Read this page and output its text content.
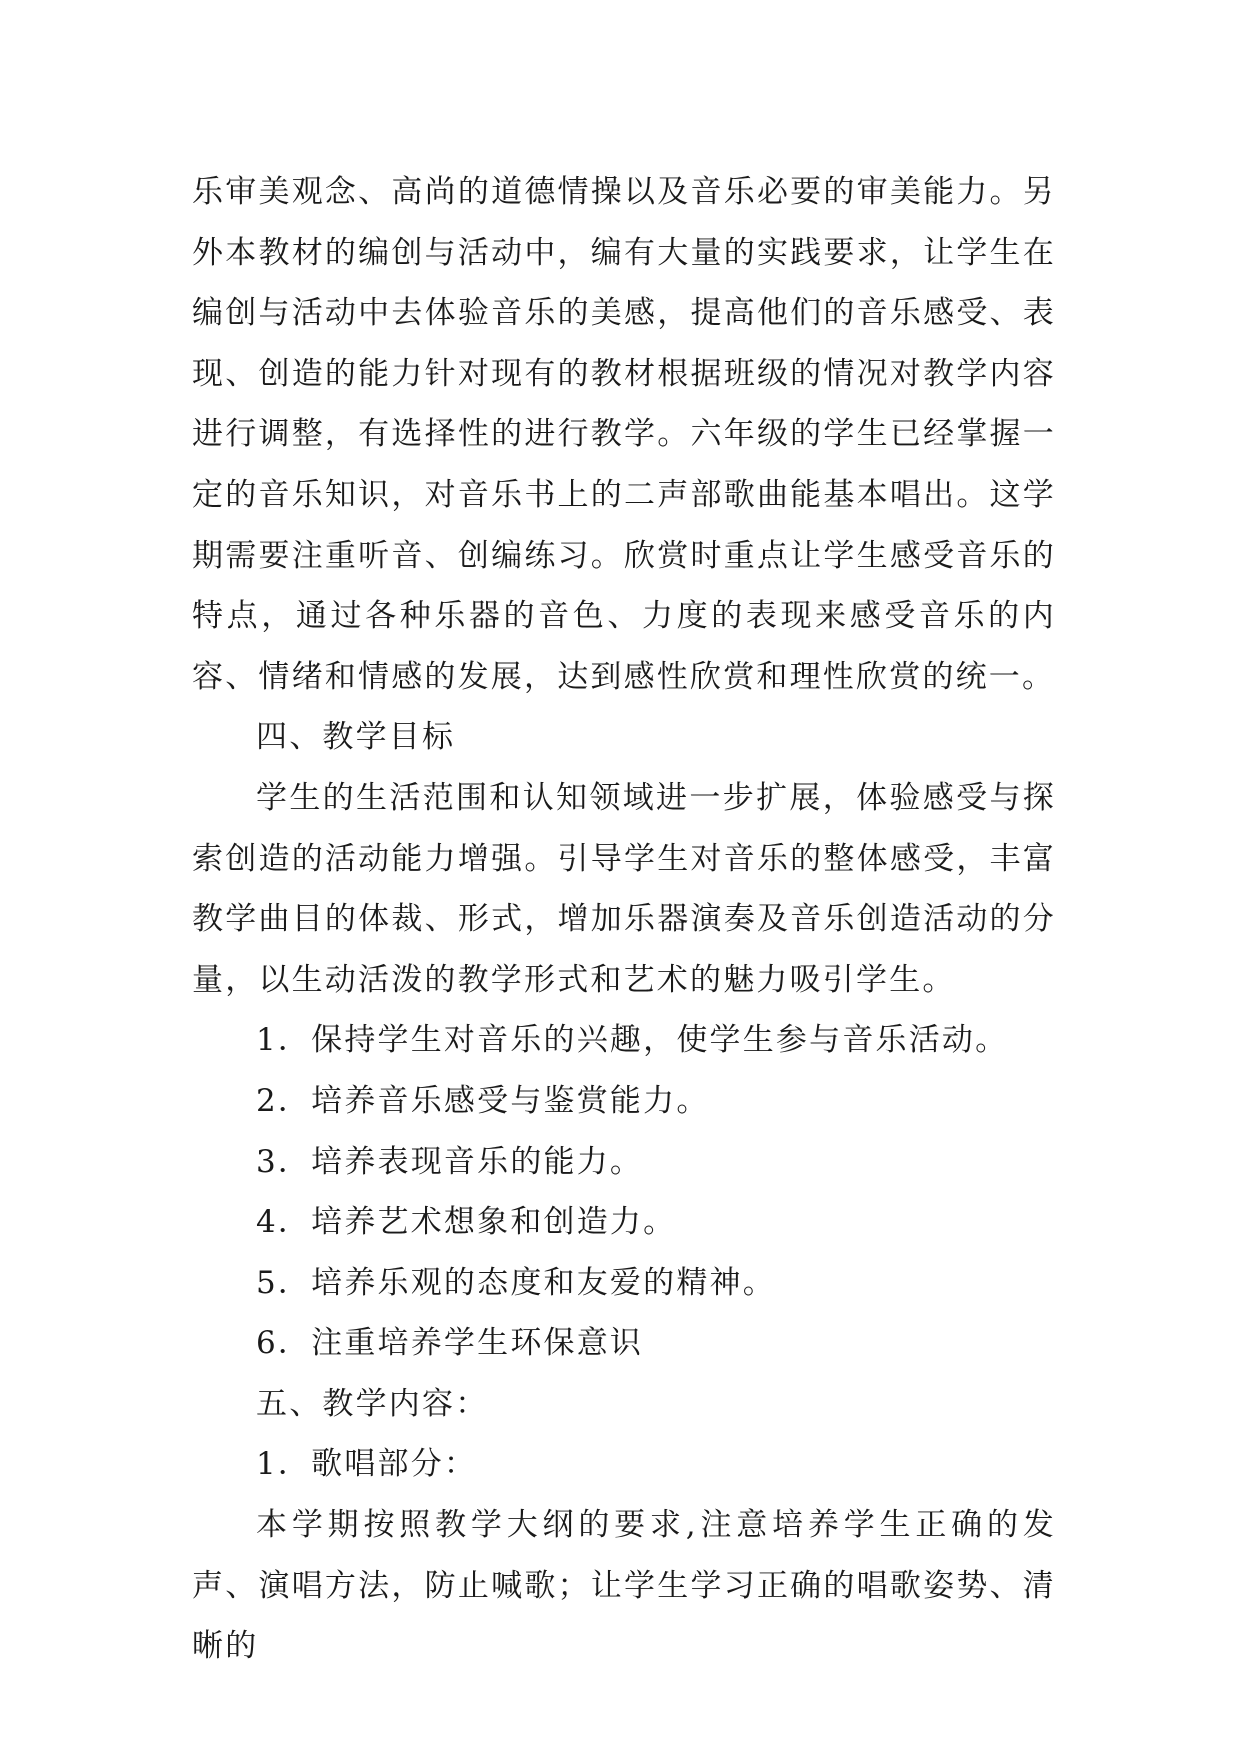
乐审美观念、高尚的道德情操以及音乐必要的审美能力。另外本教材的编创与活动中，编有大量的实践要求，让学生在编创与活动中去体验音乐的美感，提高他们的音乐感受、表现、创造的能力针对现有的教材根据班级的情况对教学内容进行调整，有选择性的进行教学。六年级的学生已经掌握一定的音乐知识，对音乐书上的二声部歌曲能基本唱出。这学期需要注重听音、创编练习。欣赏时重点让学生感受音乐的特点，通过各种乐器的音色、力度的表现来感受音乐的内容、情绪和情感的发展，达到感性欣赏和理性欣赏的统一。

四、教学目标

学生的生活范围和认知领域进一步扩展，体验感受与探索创造的活动能力增强。引导学生对音乐的整体感受，丰富教学曲目的体裁、形式，增加乐器演奏及音乐创造活动的分量，以生动活泼的教学形式和艺术的魅力吸引学生。

1．保持学生对音乐的兴趣，使学生参与音乐活动。

2．培养音乐感受与鉴赏能力。

3．培养表现音乐的能力。

4．培养艺术想象和创造力。

5．培养乐观的态度和友爱的精神。

6．注重培养学生环保意识

五、教学内容：

1．歌唱部分：

本学期按照教学大纲的要求,注意培养学生正确的发声、演唱方法，防止喊歌；让学生学习正确的唱歌姿势、清晰的
